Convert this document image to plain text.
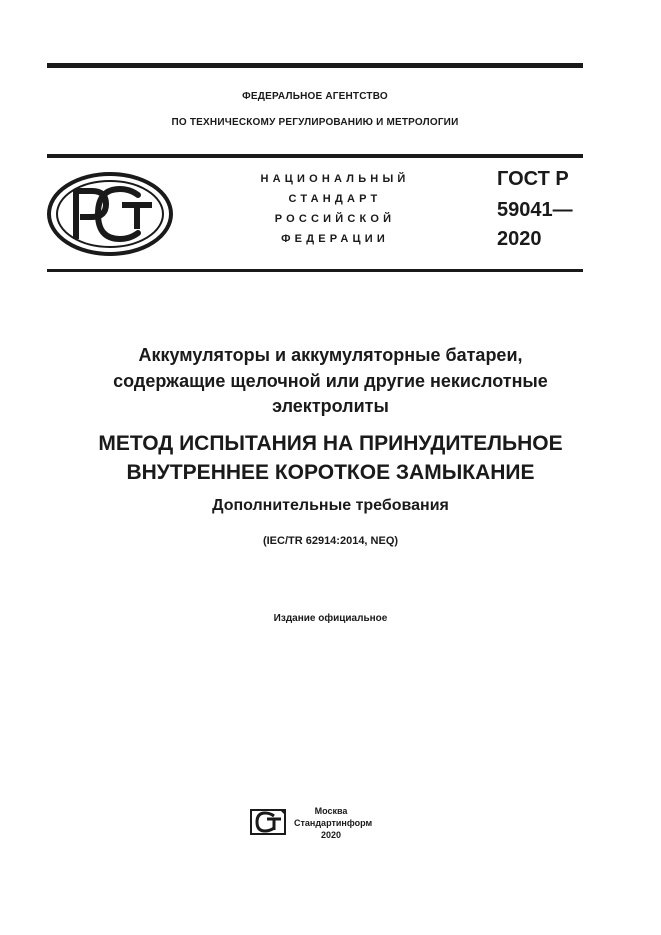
ФЕДЕРАЛЬНОЕ АГЕНТСТВО
ПО ТЕХНИЧЕСКОМУ РЕГУЛИРОВАНИЮ И МЕТРОЛОГИИ
НАЦИОНАЛЬНЫЙ
СТАНДАРТ
РОССИЙСКОЙ
ФЕДЕРАЦИИ
ГОСТ Р
59041—
2020
Аккумуляторы и аккумуляторные батареи,
содержащие щелочной или другие некислотные
электролиты
МЕТОД ИСПЫТАНИЯ НА ПРИНУДИТЕЛЬНОЕ
ВНУТРЕННЕЕ КОРОТКОЕ ЗАМЫКАНИЕ
Дополнительные требования
(IEC/TR 62914:2014, NEQ)
Издание официальное
Москва
Стандартинформ
2020
